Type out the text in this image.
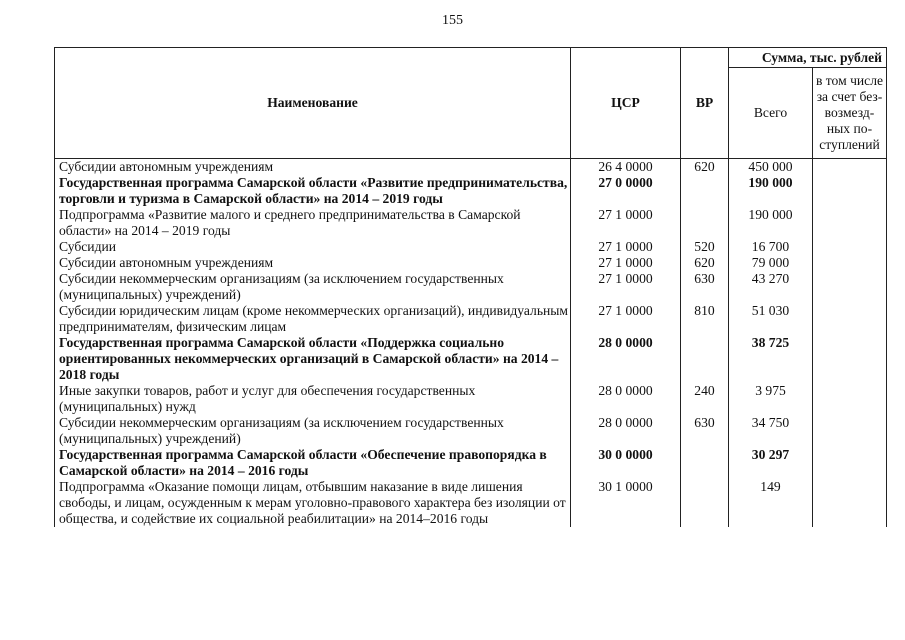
155
Наименование	ЦСР	ВР	Сумма, тыс. рублей	
			Всего	в том числе
за счет без-
возмезд-
ных по-
ступлений

Субсидии автономным учреждениям	26 4 0000	620	450 000	
Государственная программа Самарской области «Развитие предпринимательства, торговли и туризма в Самарской области» на 2014 – 2019 годы	27 0 0000		190 000	
Подпрограмма «Развитие малого и среднего предпринимательства в Самарской области» на 2014 – 2019 годы	27 1 0000		190 000	
Субсидии	27 1 0000	520	16 700	
Субсидии автономным учреждениям	27 1 0000	620	79 000	
Субсидии некоммерческим организациям (за исключением государственных (муниципальных) учреждений)	27 1 0000	630	43 270	
Субсидии юридическим лицам (кроме некоммерческих организаций), индивидуальным предпринимателям, физическим лицам	27 1 0000	810	51 030	
Государственная программа Самарской области «Поддержка социально ориентированных некоммерческих организаций в Самарской области» на 2014 – 2018 годы	28 0 0000		38 725	
Иные закупки товаров, работ и услуг для обеспечения государственных (муниципальных) нужд	28 0 0000	240	3 975	
Субсидии некоммерческим организациям (за исключением государственных (муниципальных) учреждений)	28 0 0000	630	34 750	
Государственная программа Самарской области «Обеспечение правопорядка в Самарской области» на 2014 – 2016 годы	30 0 0000		30 297	
Подпрограмма «Оказание помощи лицам, отбывшим наказание в виде лишения свободы, и лицам, осужденным к мерам уголовно-правового характера без изоляции от общества, и содействие их социальной реабилитации» на 2014–2016 годы	30 1 0000		149	
